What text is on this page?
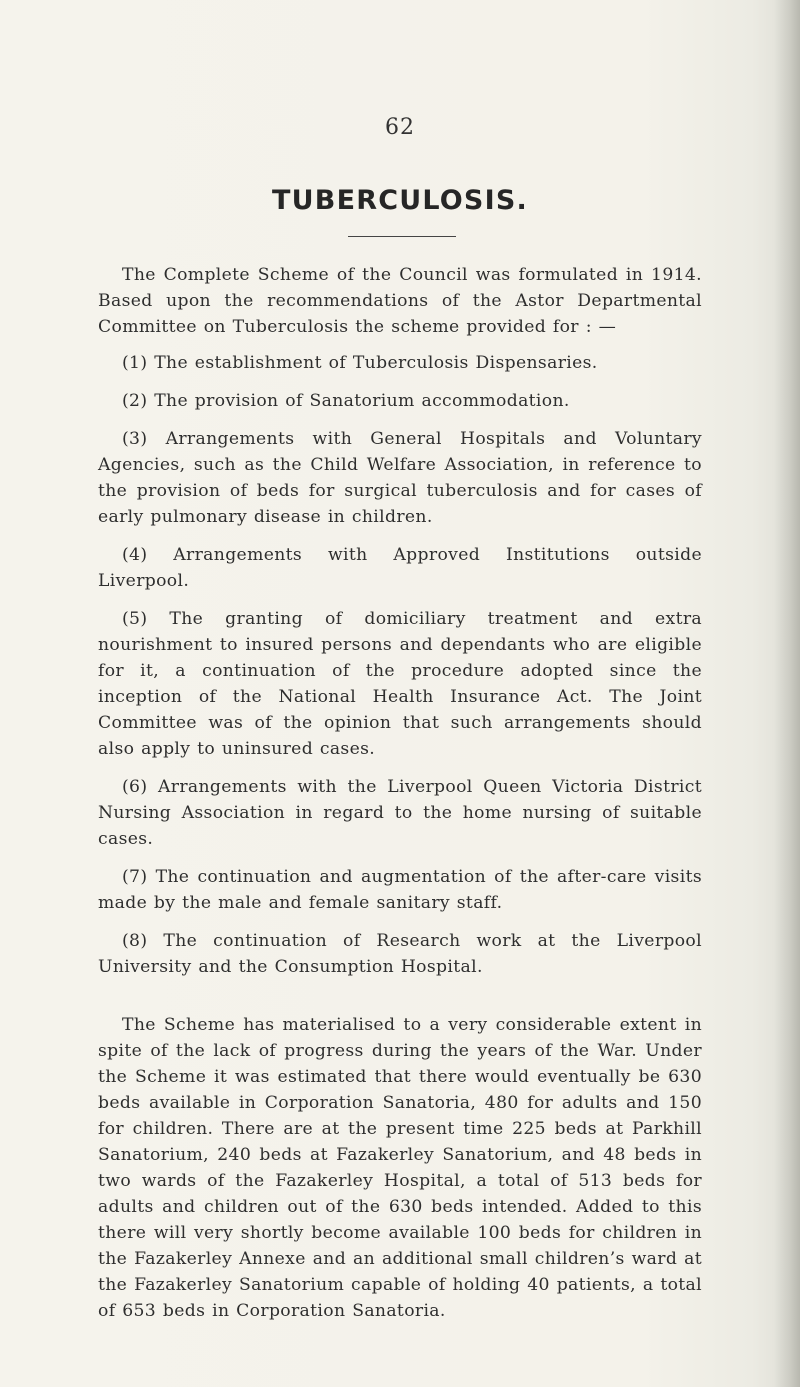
62
TUBERCULOSIS.

The Complete Scheme of the Council was formulated in 1914. Based upon the recommendations of the Astor Departmental Committee on Tuberculosis the scheme provided for : —

(1) The establishment of Tuberculosis Dispensaries.

(2) The provision of Sanatorium accommodation.

(3) Arrangements with General Hospitals and Voluntary Agencies, such as the Child Welfare Association, in reference to the provision of beds for surgical tuberculosis and for cases of early pulmonary disease in children.

(4) Arrangements with Approved Institutions outside Liverpool.

(5) The granting of domiciliary treatment and extra nourishment to insured persons and dependants who are eligible for it, a continuation of the procedure adopted since the inception of the National Health Insurance Act. The Joint Committee was of the opinion that such arrangements should also apply to uninsured cases.

(6) Arrangements with the Liverpool Queen Victoria District Nursing Association in regard to the home nursing of suitable cases.

(7) The continuation and augmentation of the after-care visits made by the male and female sanitary staff.

(8) The continuation of Research work at the Liverpool University and the Consumption Hospital.

The Scheme has materialised to a very considerable extent in spite of the lack of progress during the years of the War. Under the Scheme it was estimated that there would eventually be 630 beds available in Corporation Sanatoria, 480 for adults and 150 for children. There are at the present time 225 beds at Parkhill Sanatorium, 240 beds at Fazakerley Sanatorium, and 48 beds in two wards of the Fazakerley Hospital, a total of 513 beds for adults and children out of the 630 beds intended. Added to this there will very shortly become available 100 beds for children in the Fazakerley Annexe and an additional small children’s ward at the Fazakerley Sanatorium capable of holding 40 patients, a total of 653 beds in Corporation Sanatoria.
